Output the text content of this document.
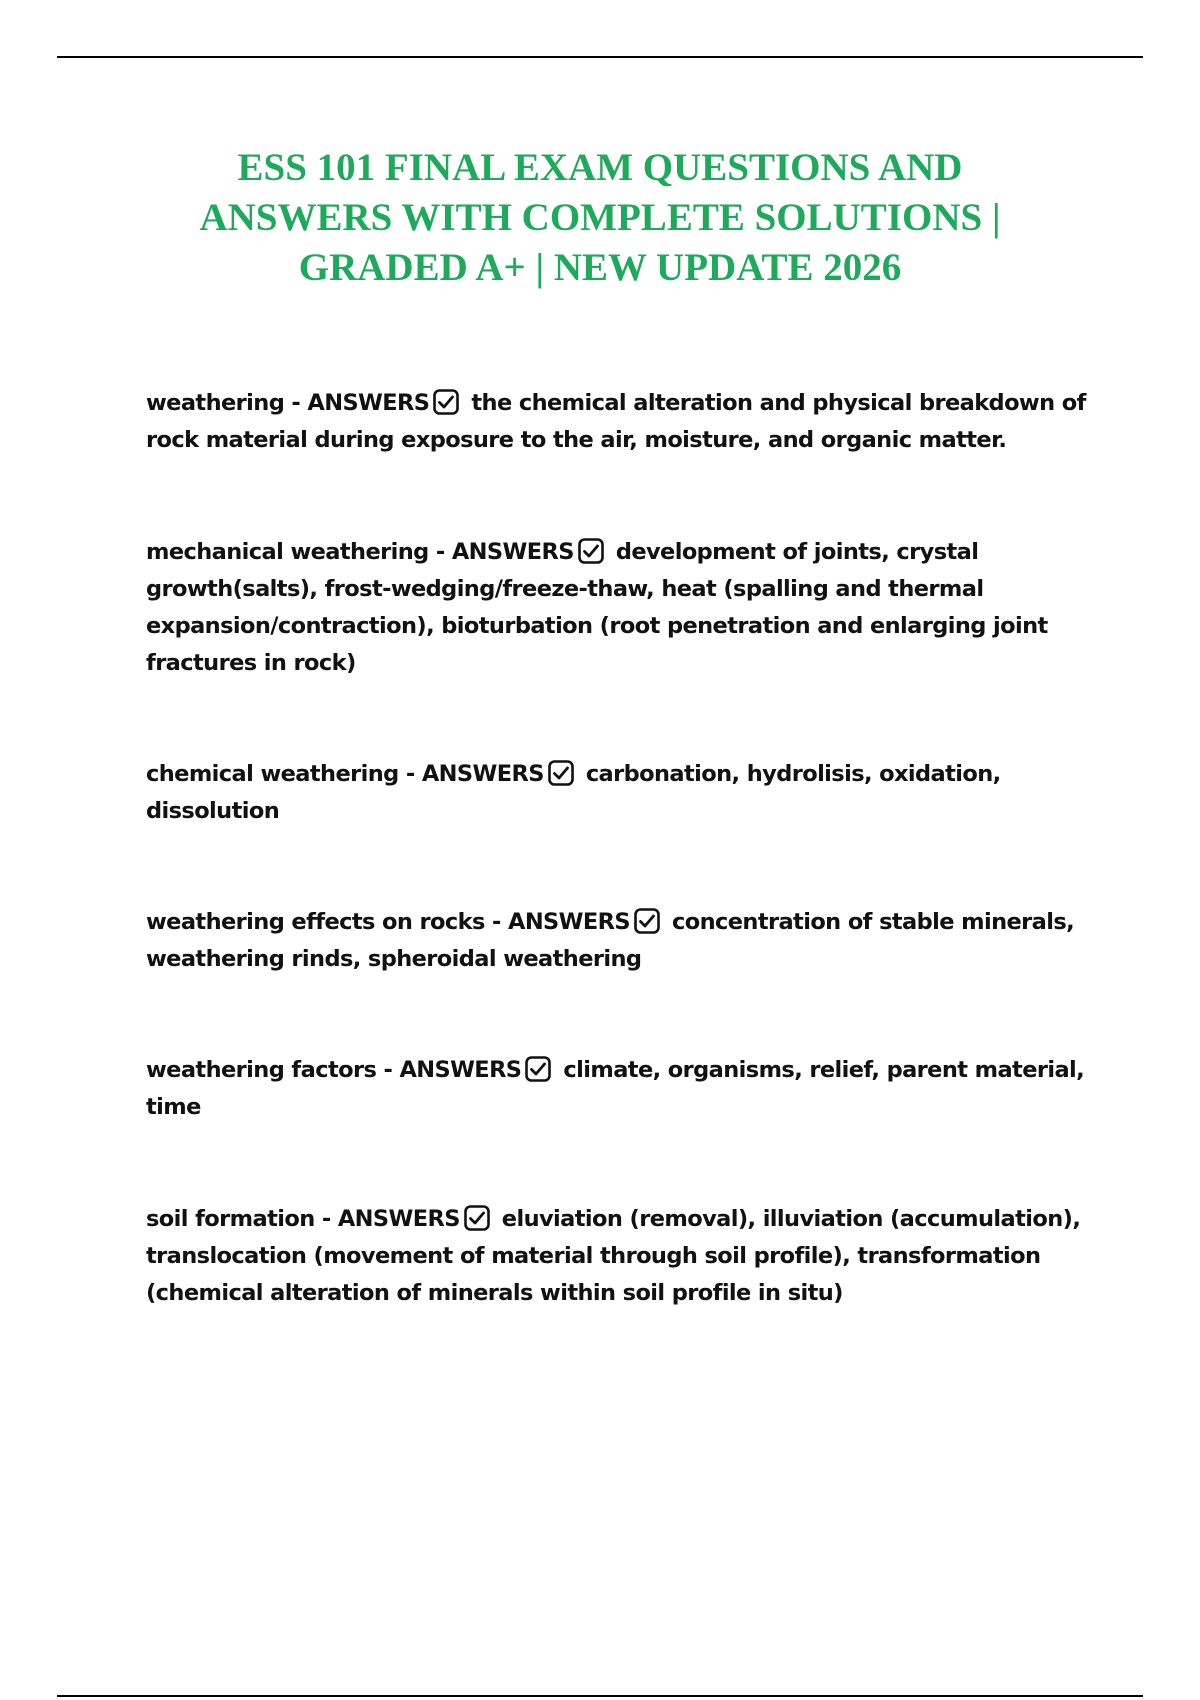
ESS 101 FINAL EXAM QUESTIONS AND
ANSWERS WITH COMPLETE SOLUTIONS |
GRADED A+ | NEW UPDATE 2026
weathering - ANSWERS the chemical alteration and physical breakdown of
rock material during exposure to the air, moisture, and organic matter.
mechanical weathering - ANSWERS development of joints, crystal
growth(salts), frost-wedging/freeze-thaw, heat (spalling and thermal
expansion/contraction), bioturbation (root penetration and enlarging joint
fractures in rock)
chemical weathering - ANSWERS carbonation, hydrolisis, oxidation,
dissolution
weathering effects on rocks - ANSWERS concentration of stable minerals,
weathering rinds, spheroidal weathering
weathering factors - ANSWERS climate, organisms, relief, parent material,
time
soil formation - ANSWERS eluviation (removal), illuviation (accumulation),
translocation (movement of material through soil profile), transformation
(chemical alteration of minerals within soil profile in situ)
